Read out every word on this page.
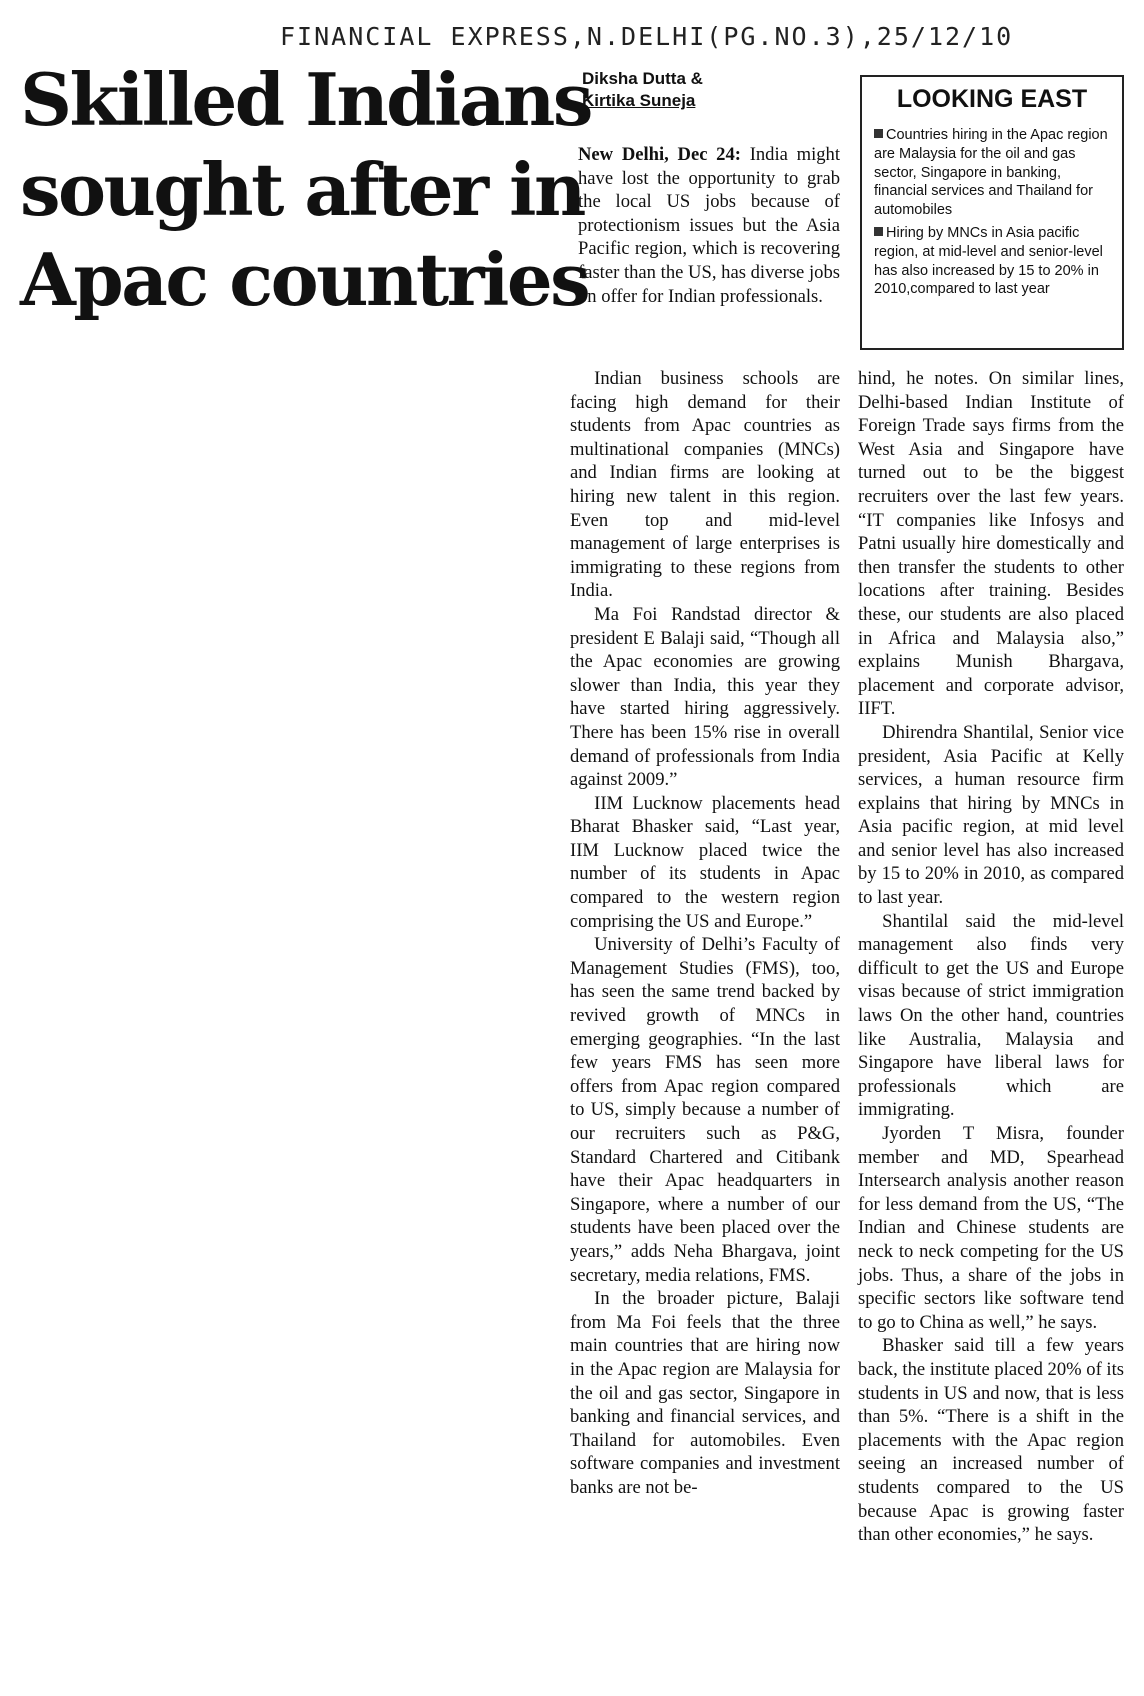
FINANCIAL EXPRESS,N.DELHI(PG.NO.3),25/12/10
Skilled Indians
sought after in
Apac countries
Diksha Dutta &
Kirtika Suneja	LOOKING EAST
Countries hiring in the Apac region are Malaysia for the oil and gas sector, Singapore in banking, financial services and Thailand for automobiles
Hiring by MNCs in Asia pacific region, at mid-level and senior-level has also increased by 15 to 20% in 2010,compared to last year

New Delhi, Dec 24: India might have lost the opportunity to grab the local US jobs because of protectionism issues but the Asia Pacific region, which is recovering faster than the US, has diverse jobs on offer for Indian professionals.

Indian business schools are facing high demand for their students from Apac countries as multinational companies (MNCs) and Indian firms are looking at hiring new talent in this region. Even top and mid-level management of large enterprises is immigrating to these regions from India.

Ma Foi Randstad director & president E Balaji said, “Though all the Apac economies are growing slower than India, this year they have started hiring aggressively. There has been 15% rise in overall demand of professionals from India against 2009.”

IIM Lucknow placements head Bharat Bhasker said, “Last year, IIM Lucknow placed twice the number of its students in Apac compared to the western region comprising the US and Europe.”

University of Delhi’s Faculty of Management Studies (FMS), too, has seen the same trend backed by revived growth of MNCs in emerging geographies. “In the last few years FMS has seen more offers from Apac region compared to US, simply because a number of our recruiters such as P&G, Standard Chartered and Citibank have their Apac headquarters in Singapore, where a number of our students have been placed over the years,” adds Neha Bhargava, joint secretary, media relations, FMS.

In the broader picture, Balaji from Ma Foi feels that the three main countries that are hiring now in the Apac region are Malaysia for the oil and gas sector, Singapore in banking and financial services, and Thailand for automobiles. Even software companies and investment banks are not be-

hind, he notes. On similar lines, Delhi-based Indian Institute of Foreign Trade says firms from the West Asia and Singapore have turned out to be the biggest recruiters over the last few years. “IT companies like Infosys and Patni usually hire domestically and then transfer the students to other locations after training. Besides these, our students are also placed in Africa and Malaysia also,” explains Munish Bhargava, placement and corporate advisor, IIFT.

Dhirendra Shantilal, Senior vice president, Asia Pacific at Kelly services, a human resource firm explains that hiring by MNCs in Asia pacific region, at mid level and senior level has also increased by 15 to 20% in 2010, as compared to last year.

Shantilal said the mid-level management also finds very difficult to get the US and Europe visas because of strict immigration laws On the other hand, countries like Australia, Malaysia and Singapore have liberal laws for professionals which are immigrating.

Jyorden T Misra, founder member and MD, Spearhead Intersearch analysis another reason for less demand from the US, “The Indian and Chinese students are neck to neck competing for the US jobs. Thus, a share of the jobs in specific sectors like software tend to go to China as well,” he says.

Bhasker said till a few years back, the institute placed 20% of its students in US and now, that is less than 5%. “There is a shift in the placements with the Apac region seeing an increased number of students compared to the US because Apac is growing faster than other economies,” he says.
